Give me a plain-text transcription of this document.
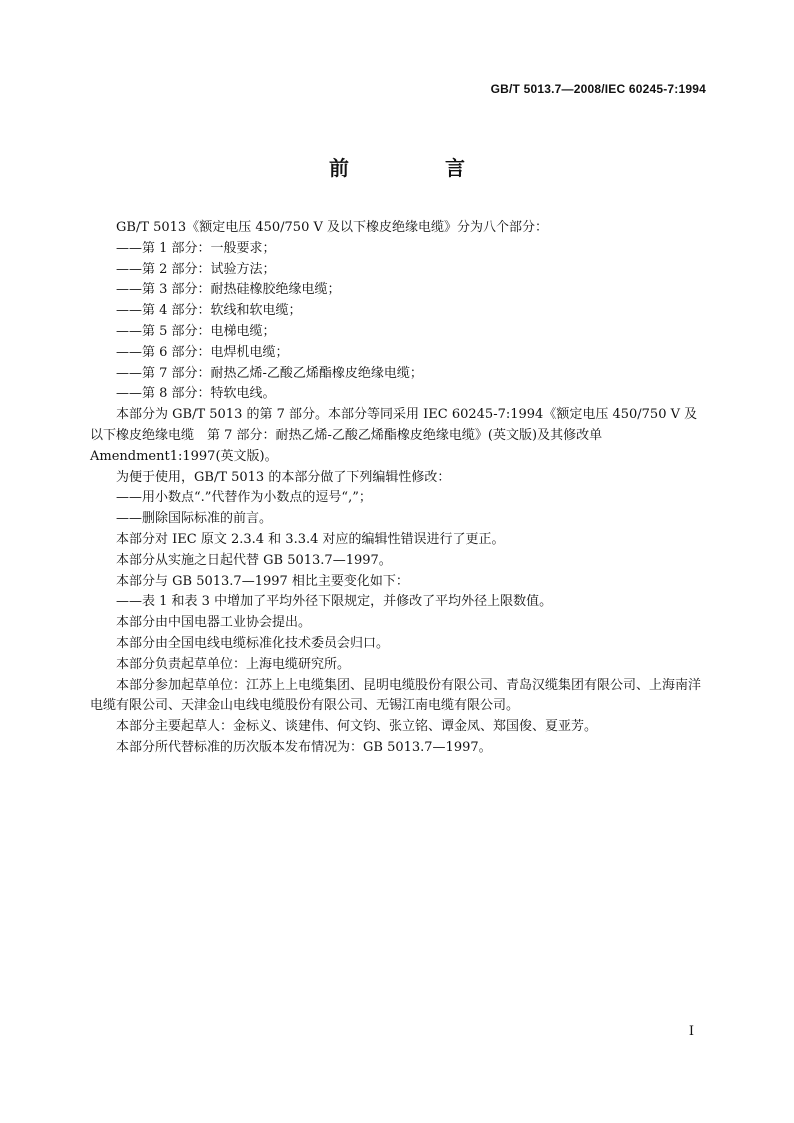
GB/T 5013.7—2008/IEC 60245-7:1994
前　言

GB/T 5013《额定电压 450/750 V 及以下橡皮绝缘电缆》分为八个部分：

——第 1 部分：一般要求；

——第 2 部分：试验方法；

——第 3 部分：耐热硅橡胶绝缘电缆；

——第 4 部分：软线和软电缆；

——第 5 部分：电梯电缆；

——第 6 部分：电焊机电缆；

——第 7 部分：耐热乙烯-乙酸乙烯酯橡皮绝缘电缆；

——第 8 部分：特软电线。

本部分为 GB/T 5013 的第 7 部分。本部分等同采用 IEC 60245-7:1994《额定电压 450/750 V 及以下橡皮绝缘电缆　第 7 部分：耐热乙烯-乙酸乙烯酯橡皮绝缘电缆》(英文版)及其修改单Amendment1:1997(英文版)。

为便于使用，GB/T 5013 的本部分做了下列编辑性修改：

——用小数点“.”代替作为小数点的逗号“,”；

——删除国际标准的前言。

本部分对 IEC 原文 2.3.4 和 3.3.4 对应的编辑性错误进行了更正。

本部分从实施之日起代替 GB 5013.7—1997。

本部分与 GB 5013.7—1997 相比主要变化如下：

——表 1 和表 3 中增加了平均外径下限规定，并修改了平均外径上限数值。

本部分由中国电器工业协会提出。

本部分由全国电线电缆标准化技术委员会归口。

本部分负责起草单位：上海电缆研究所。

本部分参加起草单位：江苏上上电缆集团、昆明电缆股份有限公司、青岛汉缆集团有限公司、上海南洋电缆有限公司、天津金山电线电缆股份有限公司、无锡江南电缆有限公司。

本部分主要起草人：金标义、谈建伟、何文钧、张立铭、谭金凤、郑国俊、夏亚芳。

本部分所代替标准的历次版本发布情况为：GB 5013.7—1997。

I
